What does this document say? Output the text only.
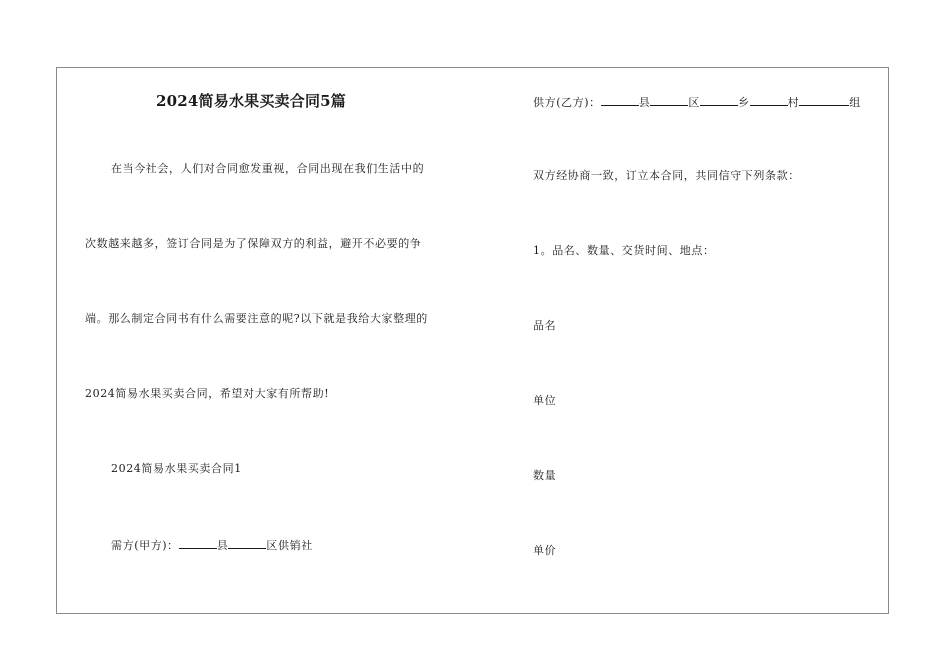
2024简易水果买卖合同5篇
在当今社会，人们对合同愈发重视，合同出现在我们生活中的
次数越来越多，签订合同是为了保障双方的利益，避开不必要的争
端。那么制定合同书有什么需要注意的呢?以下就是我给大家整理的
2024简易水果买卖合同，希望对大家有所帮助!
2024简易水果买卖合同1
需方(甲方)：	县	区供销社
供方(乙方)：	县	区	乡	村	组
双方经协商一致，订立本合同，共同信守下列条款：
1。品名、数量、交货时间、地点：
品名
单位
数量
单价
